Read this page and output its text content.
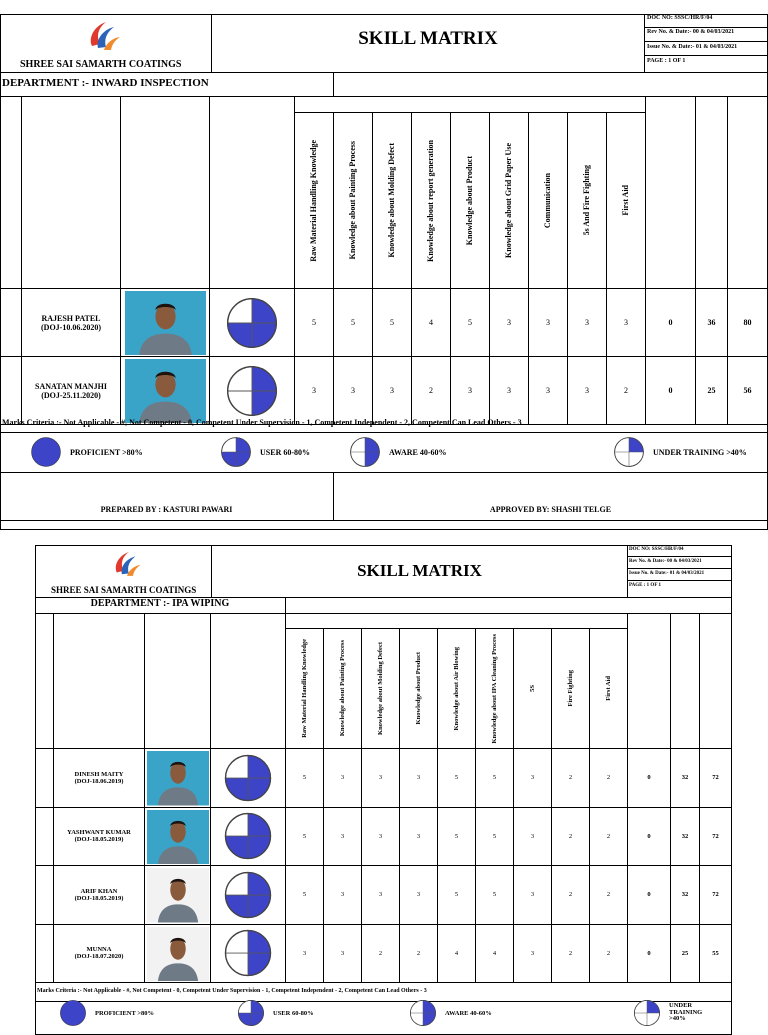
SHREE SAI SAMARTH COATINGS
SKILL MATRIX
DOC NO: SSSC/HR/F/04
Rev No. & Date:- 00 & 04/03/2021
Issue No. & Date:- 01 & 04/03/2021
PAGE : 1 OF 1
DEPARTMENT :- INWARD INSPECTION
Raw Material Handling Knowledge	Knowledge about Painting Process	Knowledge about Molding Defect	Knowledge about report generation	Knowledge about Product	Knowledge about Grid Paper Use	Communication	5s And Fire Fighting	First Aid
RAJESH PATEL
(DOJ-10.06.2020)	5	5	5	4	5	3	3	3	3	0	36	80
SANATAN MANJHI
(DOJ-25.11.2020)	3	3	3	2	3	3	3	3	2	0	25	56
Marks Criteria :- Not Applicable - #, Not Competent - 0, Competent Under Supervision - 1, Competent Independent - 2, Competent Can Lead Others - 3
PROFICIENT >80%	USER 60-80%	AWARE 40-60%	UNDER TRAINING >40%
PREPARED BY : KASTURI PAWARI	APPROVED BY: SHASHI TELGE
SHREE SAI SAMARTH COATINGS
SKILL MATRIX
DOC NO: SSSC/HR/F/04
Rev No. & Date:- 00 & 04/03/2021
Issue No. & Date:- 01 & 04/03/2021
PAGE : 1 OF 1
DEPARTMENT :- IPA WIPING
Raw Material Handling Knowledge	Knowledge about Painting Process	Knowledge about Molding Defect	Knowledge about Product	Knowledge about Air Blowing	Knowledge about IPA Cleaning Process	5S	Fire Fighting	First Aid
DINESH MAITY
(DOJ-18.06.2019)	5	3	3	3	5	5	3	2	2	0	32	72
YASHWANT KUMAR
(DOJ-18.05.2019)	5	3	3	3	5	5	3	2	2	0	32	72
ARIF KHAN
(DOJ-18.05.2019)	5	3	3	3	5	5	3	2	2	0	32	72
MUNNA
(DOJ-18.07.2020)	3	3	2	2	4	4	3	2	2	0	25	55
Marks Criteria :- Not Applicable - #, Not Competent - 0, Competent Under Supervision - 1, Competent Independent - 2, Competent Can Lead Others - 3
PROFICIENT >80%	USER 60-80%	AWARE 40-60%
UNDER TRAINING >40%
